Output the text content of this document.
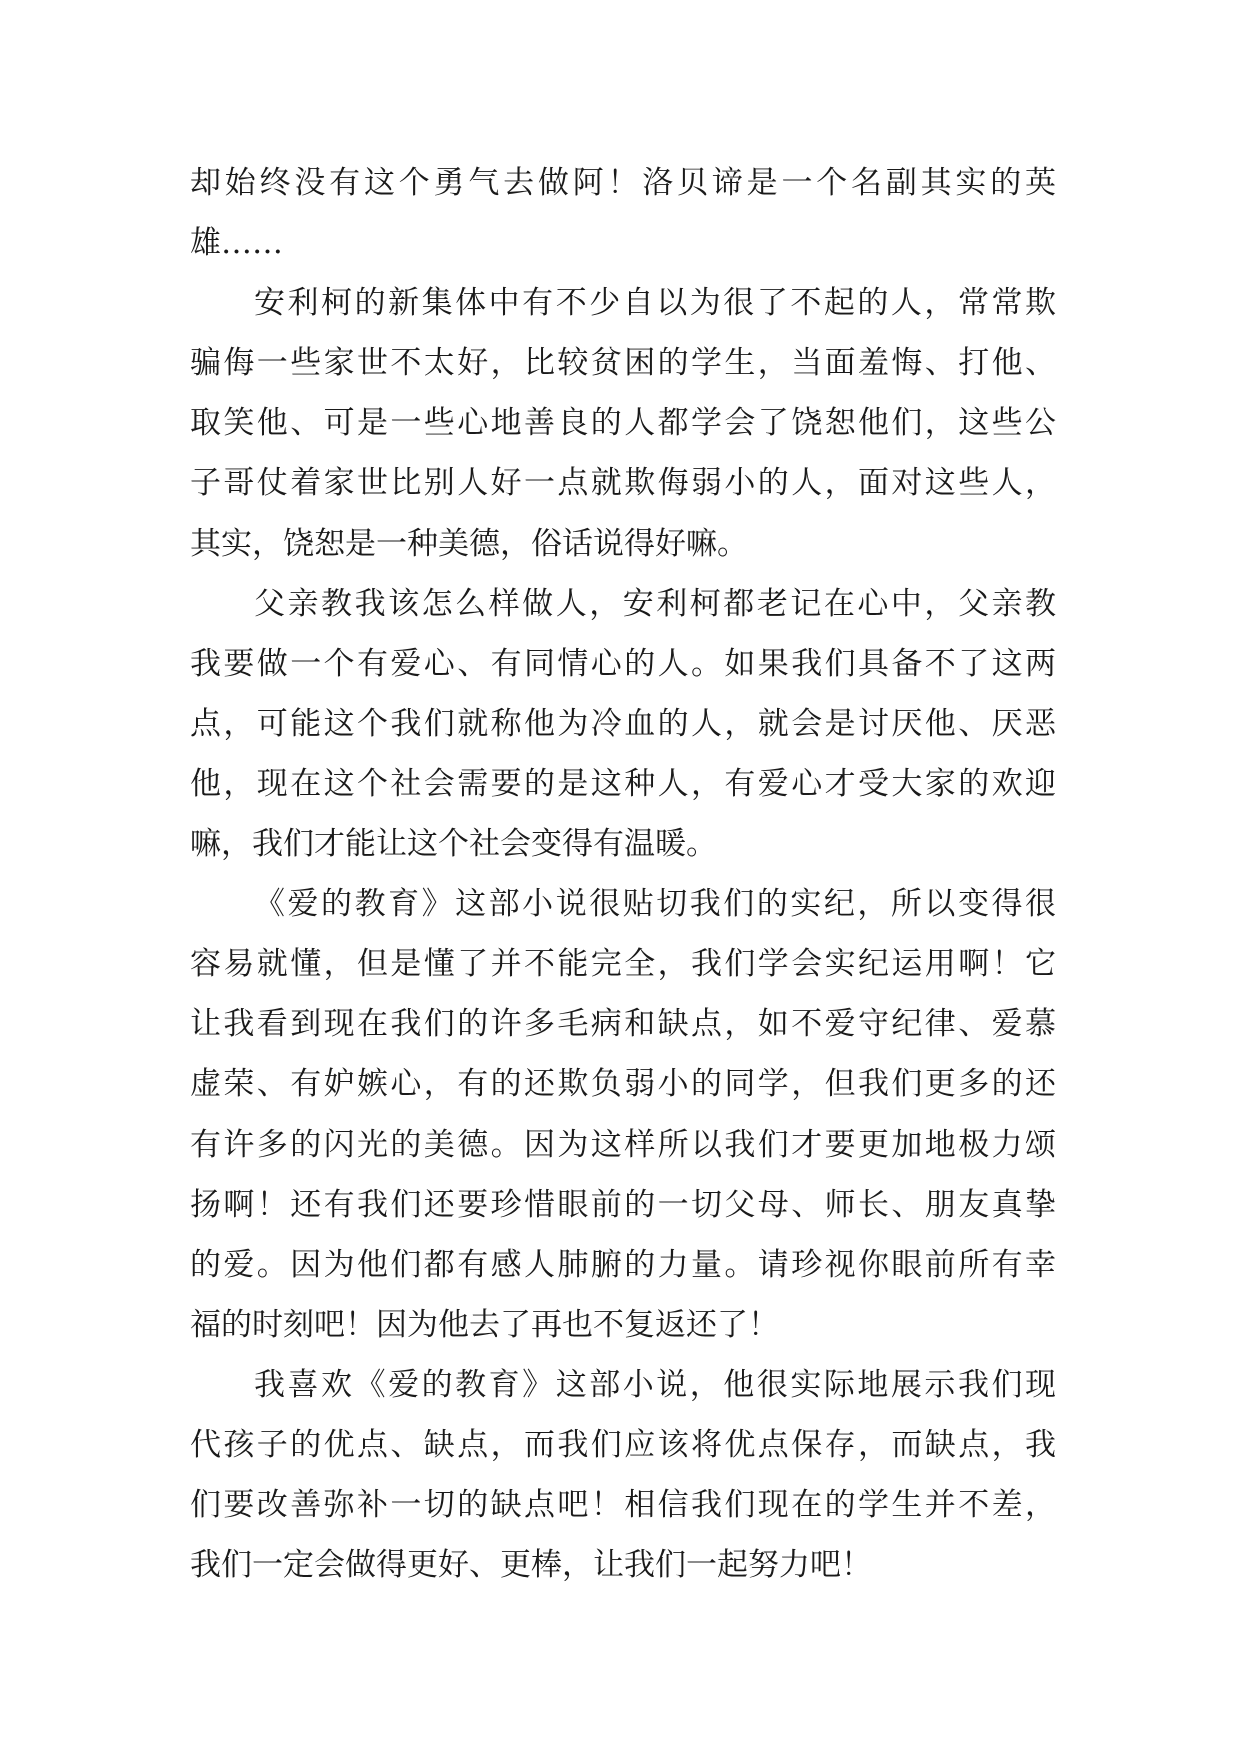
却始终没有这个勇气去做阿！洛贝谛是一个名副其实的英
雄……
安利柯的新集体中有不少自以为很了不起的人，常常欺
骗侮一些家世不太好，比较贫困的学生，当面羞悔、打他、
取笑他、可是一些心地善良的人都学会了饶恕他们，这些公
子哥仗着家世比别人好一点就欺侮弱小的人，面对这些人，
其实，饶恕是一种美德，俗话说得好嘛。
父亲教我该怎么样做人，安利柯都老记在心中，父亲教
我要做一个有爱心、有同情心的人。如果我们具备不了这两
点，可能这个我们就称他为冷血的人，就会是讨厌他、厌恶
他，现在这个社会需要的是这种人，有爱心才受大家的欢迎
嘛，我们才能让这个社会变得有温暖。
《爱的教育》这部小说很贴切我们的实纪，所以变得很
容易就懂，但是懂了并不能完全，我们学会实纪运用啊！它
让我看到现在我们的许多毛病和缺点，如不爱守纪律、爱慕
虚荣、有妒嫉心，有的还欺负弱小的同学，但我们更多的还
有许多的闪光的美德。因为这样所以我们才要更加地极力颂
扬啊！还有我们还要珍惜眼前的一切父母、师长、朋友真挚
的爱。因为他们都有感人肺腑的力量。请珍视你眼前所有幸
福的时刻吧！因为他去了再也不复返还了！
我喜欢《爱的教育》这部小说，他很实际地展示我们现
代孩子的优点、缺点，而我们应该将优点保存，而缺点，我
们要改善弥补一切的缺点吧！相信我们现在的学生并不差，
我们一定会做得更好、更棒，让我们一起努力吧！
